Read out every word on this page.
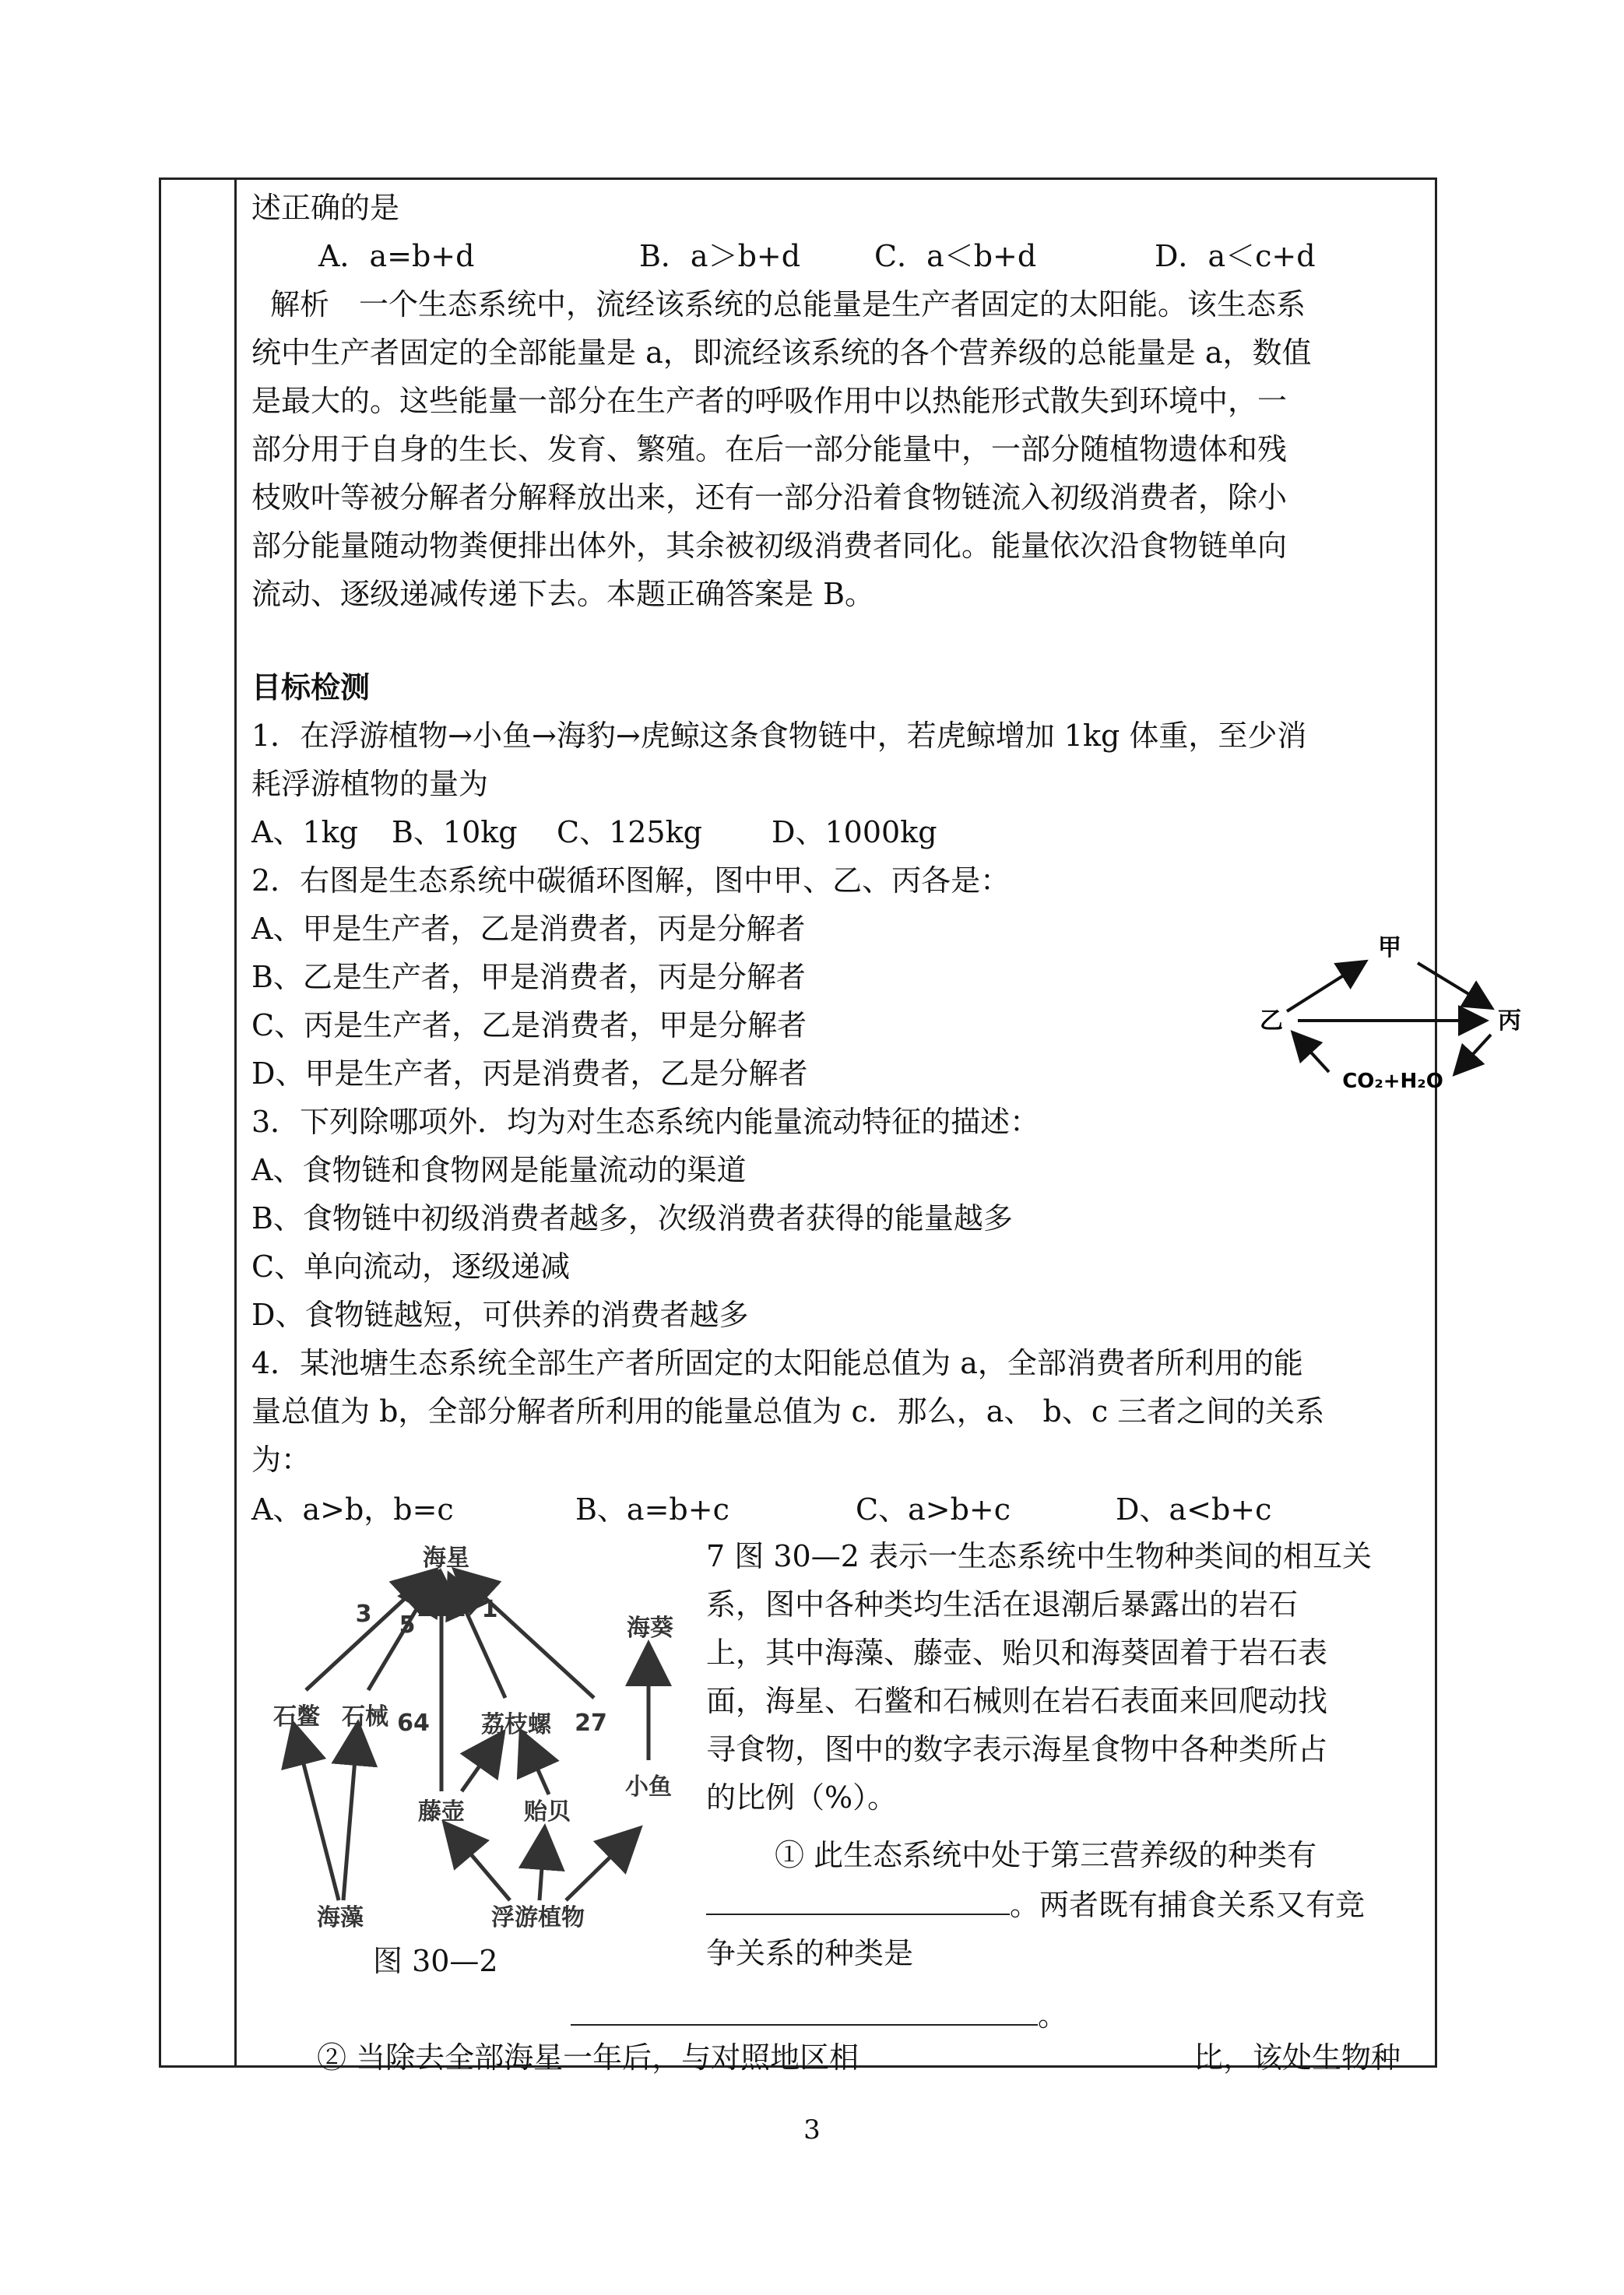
述正确的是
A．a=b+d	B．a＞b+d C．a＜b+d	D．a＜c+d
解析　一个生态系统中，流经该系统的总能量是生产者固定的太阳能。该生态系
统中生产者固定的全部能量是 a，即流经该系统的各个营养级的总能量是 a，数值
是最大的。这些能量一部分在生产者的呼吸作用中以热能形式散失到环境中，一
部分用于自身的生长、发育、繁殖。在后一部分能量中，一部分随植物遗体和残
枝败叶等被分解者分解释放出来，还有一部分沿着食物链流入初级消费者，除小
部分能量随动物粪便排出体外，其余被初级消费者同化。能量依次沿食物链单向
流动、逐级递减传递下去。本题正确答案是 B。
目标检测
1．在浮游植物→小鱼→海豹→虎鲸这条食物链中，若虎鲸增加 1kg 体重，至少消
耗浮游植物的量为
A、1kg B、10kg C、125kg D、1000kg
2．右图是生态系统中碳循环图解，图中甲、乙、丙各是：
A、甲是生产者，乙是消费者，丙是分解者
B、乙是生产者，甲是消费者，丙是分解者
C、丙是生产者，乙是消费者，甲是分解者
D、甲是生产者，丙是消费者，乙是分解者
3．下列除哪项外．均为对生态系统内能量流动特征的描述：
A、食物链和食物网是能量流动的渠道
B、食物链中初级消费者越多，次级消费者获得的能量越多
C、单向流动，逐级递减
D、食物链越短，可供养的消费者越多
4．某池塘生态系统全部生产者所固定的太阳能总值为 a，全部消费者所利用的能
量总值为 b，全部分解者所利用的能量总值为 c．那么，a、 b、c 三者之间的关系
为：
A、a>b，b=c	B、a=b+c	C、a>b+c	D、a<b+c
7 图 30—2 表示一生态系统中生物种类间的相互关
系，图中各种类均生活在退潮后暴露出的岩石
上，其中海藻、藤壶、贻贝和海葵固着于岩石表
面，海星、石鳖和石械则在岩石表面来回爬动找
寻食物，图中的数字表示海星食物中各种类所占
的比例（%）。
① 此生态系统中处于第三营养级的种类有
。两者既有捕食关系又有竞
争关系的种类是
。
② 当除去全部海星一年后，与对照地区相	比，该处生物种
图 30—2
甲
乙	丙
CO₂+H₂O
海星
海葵
石鳖 石械	荔枝螺
藤壶	贻贝
小鱼
海藻	浮游植物
3 5
64
1
27
3
